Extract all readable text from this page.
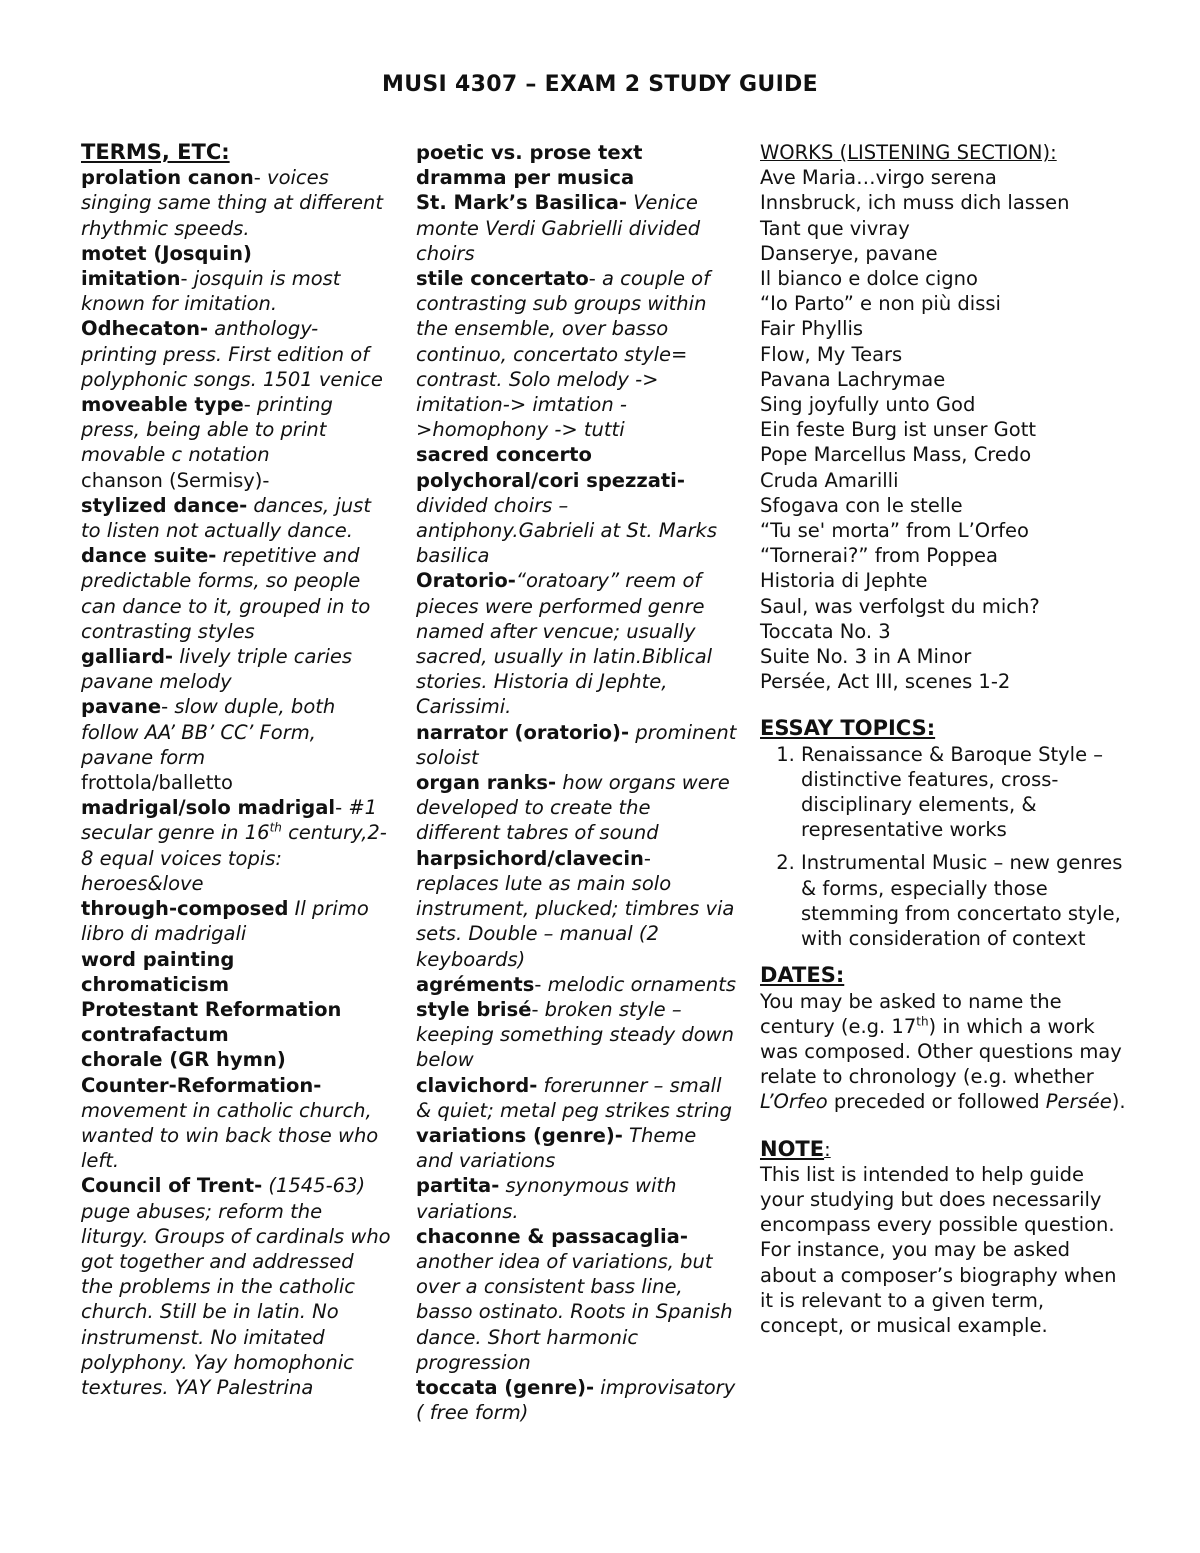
MUSI 4307 – EXAM 2 STUDY GUIDE
TERMS, ETC:

prolation canon- voices singing same thing at different rhythmic speeds.

motet (Josquin)

imitation- josquin is most known for imitation.

Odhecaton- anthology- printing press. First edition of polyphonic songs. 1501 venice

moveable type- printing press, being able to print movable c notation

chanson (Sermisy)-

stylized dance- dances, just to listen not actually dance.

dance suite- repetitive and predictable forms, so people can dance to it, grouped in to contrasting styles

galliard- lively triple caries pavane melody

pavane- slow duple, both follow AA’ BB’ CC’ Form, pavane form

frottola/balletto

madrigal/solo madrigal- #1 secular genre in 16th century,2-8 equal voices topis: heroes&love

through-composed Il primo libro di madrigali

word painting

chromaticism

Protestant Reformation

contrafactum

chorale (GR hymn)

Counter-Reformation- movement in catholic church, wanted to win back those who left.

Council of Trent- (1545-63) puge abuses; reform the liturgy. Groups of cardinals who got together and addressed the problems in the catholic church. Still be in latin. No instrumenst. No imitated polyphony. Yay homophonic textures. YAY Palestrina

poetic vs. prose text

dramma per musica

St. Mark’s Basilica- Venice monte Verdi Gabrielli divided choirs

stile concertato- a couple of contrasting sub groups within the ensemble, over basso continuo, concertato style= contrast. Solo melody -> imitation-> imtation ->homophony -> tutti

sacred concerto

polychoral/cori spezzati- divided choirs – antiphony.Gabrieli at St. Marks basilica

Oratorio-“oratoary” reem of pieces were performed genre named after vencue; usually sacred, usually in latin.Biblical stories. Historia di Jephte, Carissimi.

narrator (oratorio)- prominent soloist

organ ranks- how organs were developed to create the different tabres of sound

harpsichord/clavecin- replaces lute as main solo instrument, plucked; timbres via sets. Double – manual (2 keyboards)

agréments- melodic ornaments

style brisé- broken style – keeping something steady down below

clavichord- forerunner – small & quiet; metal peg strikes string

variations (genre)- Theme and variations

partita- synonymous with variations.

chaconne & passacaglia- another idea of variations, but over a consistent bass line, basso ostinato. Roots in Spanish dance. Short harmonic progression

toccata (genre)- improvisatory ( free form)

WORKS (LISTENING SECTION):

Ave Maria…virgo serena

Innsbruck, ich muss dich lassen

Tant que vivray

Danserye, pavane

Il bianco e dolce cigno

“Io Parto” e non più dissi

Fair Phyllis

Flow, My Tears

Pavana Lachrymae

Sing joyfully unto God

Ein feste Burg ist unser Gott

Pope Marcellus Mass, Credo

Cruda Amarilli

Sfogava con le stelle

“Tu se' morta” from L’Orfeo

“Tornerai?” from Poppea

Historia di Jephte

Saul, was verfolgst du mich?

Toccata No. 3

Suite No. 3 in A Minor

Persée, Act III, scenes 1-2

ESSAY TOPICS:
1. Renaissance & Baroque Style – distinctive features, cross-disciplinary elements, & representative works
2. Instrumental Music – new genres & forms, especially those stemming from concertato style, with consideration of context
DATES:

You may be asked to name the century (e.g. 17th) in which a work was composed. Other questions may relate to chronology (e.g. whether L’Orfeo preceded or followed Persée).

NOTE:

This list is intended to help guide your studying but does necessarily encompass every possible question. For instance, you may be asked about a composer’s biography when it is relevant to a given term, concept, or musical example.
